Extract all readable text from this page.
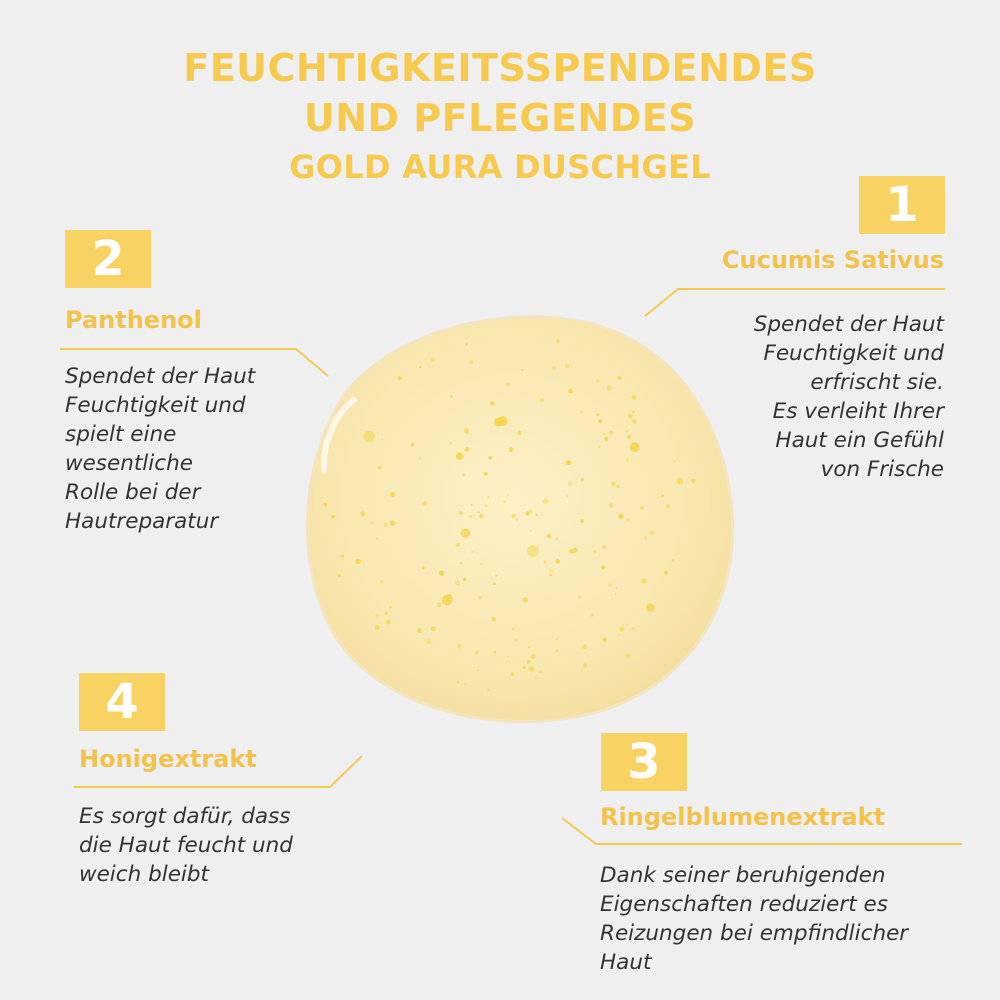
FEUCHTIGKEITSSPENDENDES
UND PFLEGENDES
GOLD AURA DUSCHGEL
1
Cucumis Sativus
Spendet der Haut
Feuchtigkeit und
erfrischt sie.
Es verleiht Ihrer
Haut ein Gefühl
von Frische
2
Panthenol
Spendet der Haut
Feuchtigkeit und
spielt eine
wesentliche
Rolle bei der
Hautreparatur
3
Ringelblumenextrakt
Dank seiner beruhigenden
Eigenschaften reduziert es
Reizungen bei empfindlicher
Haut
4
Honigextrakt
Es sorgt dafür, dass
die Haut feucht und
weich bleibt
